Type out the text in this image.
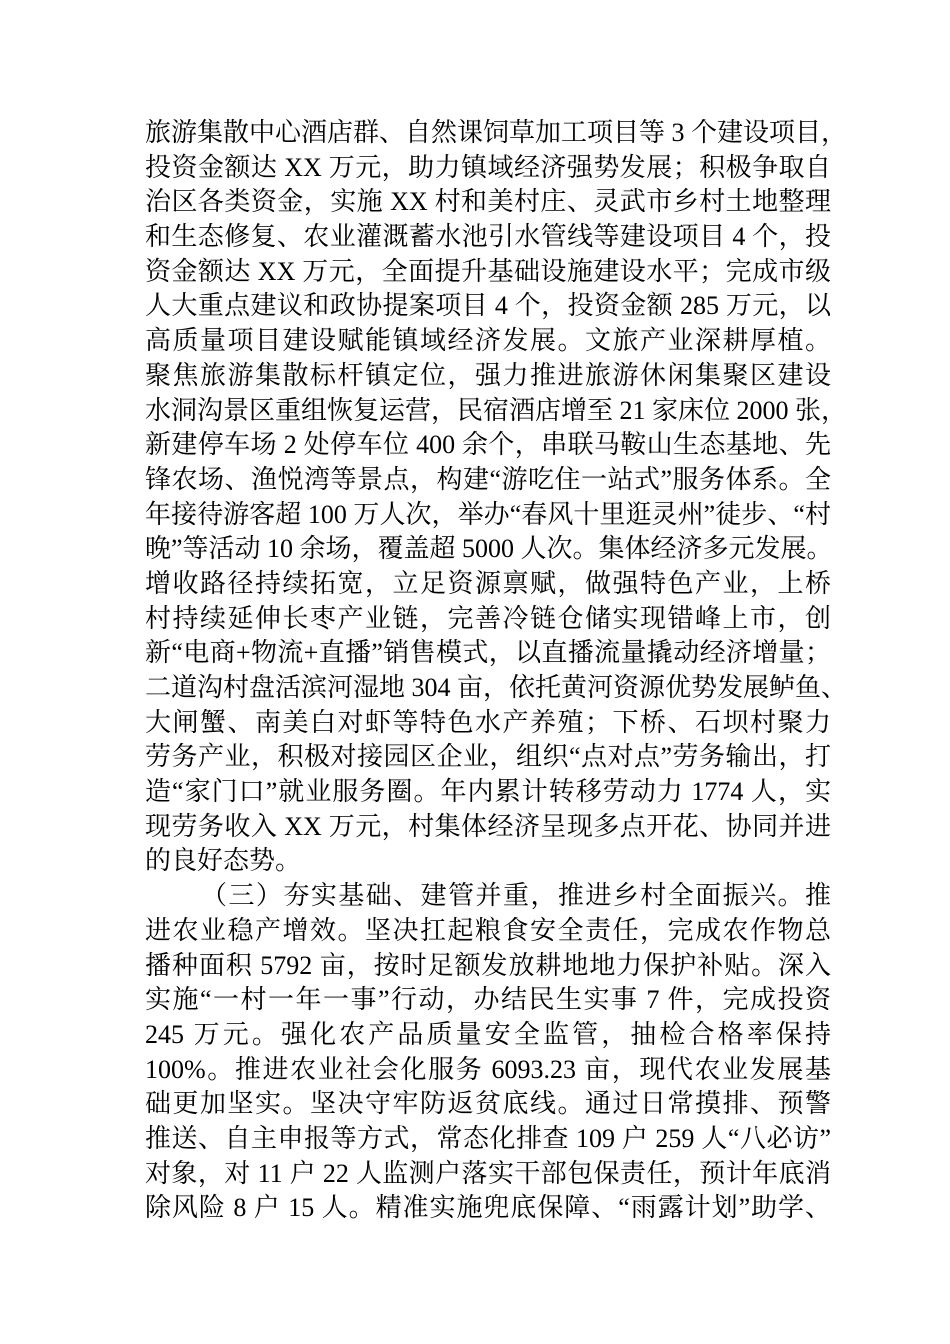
旅游集散中心酒店群、自然课饲草加工项目等 3 个建设项目，
投资金额达 XX 万元，助力镇域经济强势发展；积极争取自
治区各类资金，实施 XX 村和美村庄、灵武市乡村土地整理
和生态修复、农业灌溉蓄水池引水管线等建设项目 4 个，投
资金额达 XX 万元，全面提升基础设施建设水平；完成市级
人大重点建议和政协提案项目 4 个，投资金额 285 万元，以
高质量项目建设赋能镇域经济发展。文旅产业深耕厚植。
聚焦旅游集散标杆镇定位，强力推进旅游休闲集聚区建设
水洞沟景区重组恢复运营，民宿酒店增至 21 家床位 2000 张，
新建停车场 2 处停车位 400 余个，串联马鞍山生态基地、先
锋农场、渔悦湾等景点，构建“游吃住一站式”服务体系。全
年接待游客超 100 万人次，举办“春风十里逛灵州”徒步、“村
晚”等活动 10 余场，覆盖超 5000 人次。集体经济多元发展。
增收路径持续拓宽，立足资源禀赋，做强特色产业，上桥
村持续延伸长枣产业链，完善冷链仓储实现错峰上市，创
新“电商+物流+直播”销售模式，以直播流量撬动经济增量；
二道沟村盘活滨河湿地 304 亩，依托黄河资源优势发展鲈鱼、
大闸蟹、南美白对虾等特色水产养殖；下桥、石坝村聚力
劳务产业，积极对接园区企业，组织“点对点”劳务输出，打
造“家门口”就业服务圈。年内累计转移劳动力 1774 人，实
现劳务收入 XX 万元，村集体经济呈现多点开花、协同并进
的良好态势。
（三）夯实基础、建管并重，推进乡村全面振兴。推
进农业稳产增效。坚决扛起粮食安全责任，完成农作物总
播种面积 5792 亩，按时足额发放耕地地力保护补贴。深入
实施“一村一年一事”行动，办结民生实事 7 件，完成投资
245 万元。强化农产品质量安全监管，抽检合格率保持
100%。推进农业社会化服务 6093.23 亩，现代农业发展基
础更加坚实。坚决守牢防返贫底线。通过日常摸排、预警
推送、自主申报等方式，常态化排查 109 户 259 人“八必访”
对象，对 11 户 22 人监测户落实干部包保责任，预计年底消
除风险 8 户 15 人。精准实施兜底保障、“雨露计划”助学、
